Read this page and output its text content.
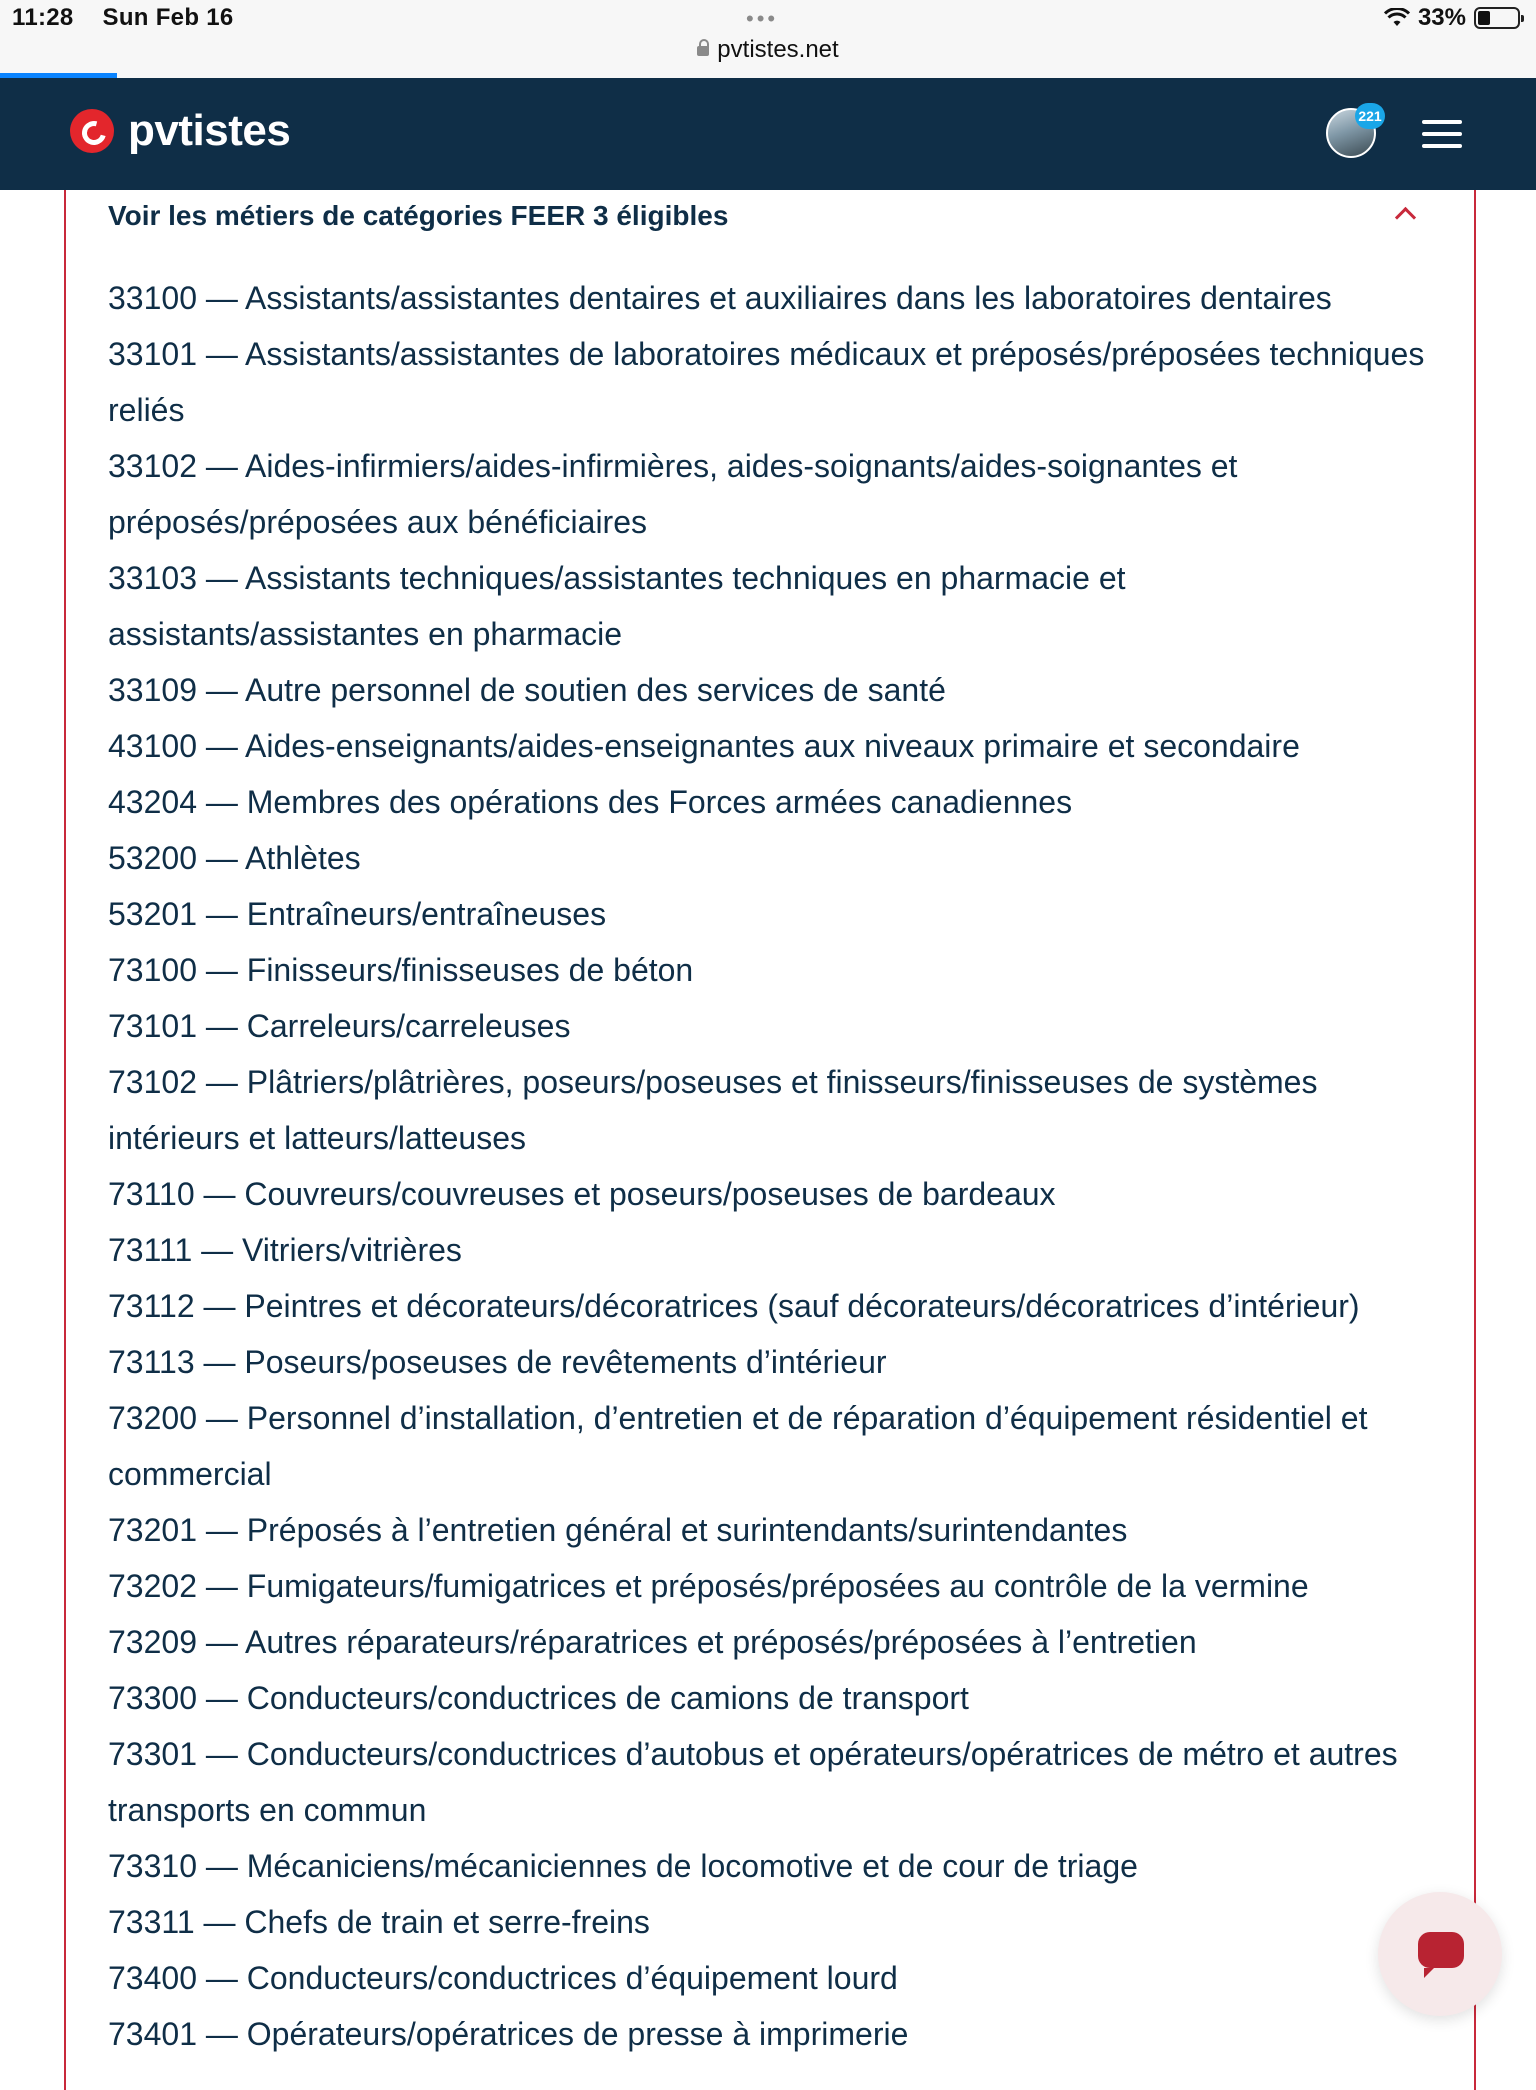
11:28 Sun Feb 16	•••	33%
pvtistes.net
pvtistes	221
Voir les métiers de catégories FEER 3 éligibles
33100 — Assistants/assistantes dentaires et auxiliaires dans les laboratoires dentaires
33101 — Assistants/assistantes de laboratoires médicaux et préposés/préposées techniques reliés
33102 — Aides-infirmiers/aides-infirmières, aides-soignants/aides-soignantes et préposés/préposées aux bénéficiaires
33103 — Assistants techniques/assistantes techniques en pharmacie et assistants/assistantes en pharmacie
33109 — Autre personnel de soutien des services de santé
43100 — Aides-enseignants/aides-enseignantes aux niveaux primaire et secondaire
43204 — Membres des opérations des Forces armées canadiennes
53200 — Athlètes
53201 — Entraîneurs/entraîneuses
73100 — Finisseurs/finisseuses de béton
73101 — Carreleurs/carreleuses
73102 — Plâtriers/plâtrières, poseurs/poseuses et finisseurs/finisseuses de systèmes intérieurs et latteurs/latteuses
73110 — Couvreurs/couvreuses et poseurs/poseuses de bardeaux
73111 — Vitriers/vitrières
73112 — Peintres et décorateurs/décoratrices (sauf décorateurs/décoratrices d’intérieur)
73113 — Poseurs/poseuses de revêtements d’intérieur
73200 — Personnel d’installation, d’entretien et de réparation d’équipement résidentiel et commercial
73201 — Préposés à l’entretien général et surintendants/surintendantes
73202 — Fumigateurs/fumigatrices et préposés/préposées au contrôle de la vermine
73209 — Autres réparateurs/réparatrices et préposés/préposées à l’entretien
73300 — Conducteurs/conductrices de camions de transport
73301 — Conducteurs/conductrices d’autobus et opérateurs/opératrices de métro et autres transports en commun
73310 — Mécaniciens/mécaniciennes de locomotive et de cour de triage
73311 — Chefs de train et serre-freins
73400 — Conducteurs/conductrices d’équipement lourd
73401 — Opérateurs/opératrices de presse à imprimerie
